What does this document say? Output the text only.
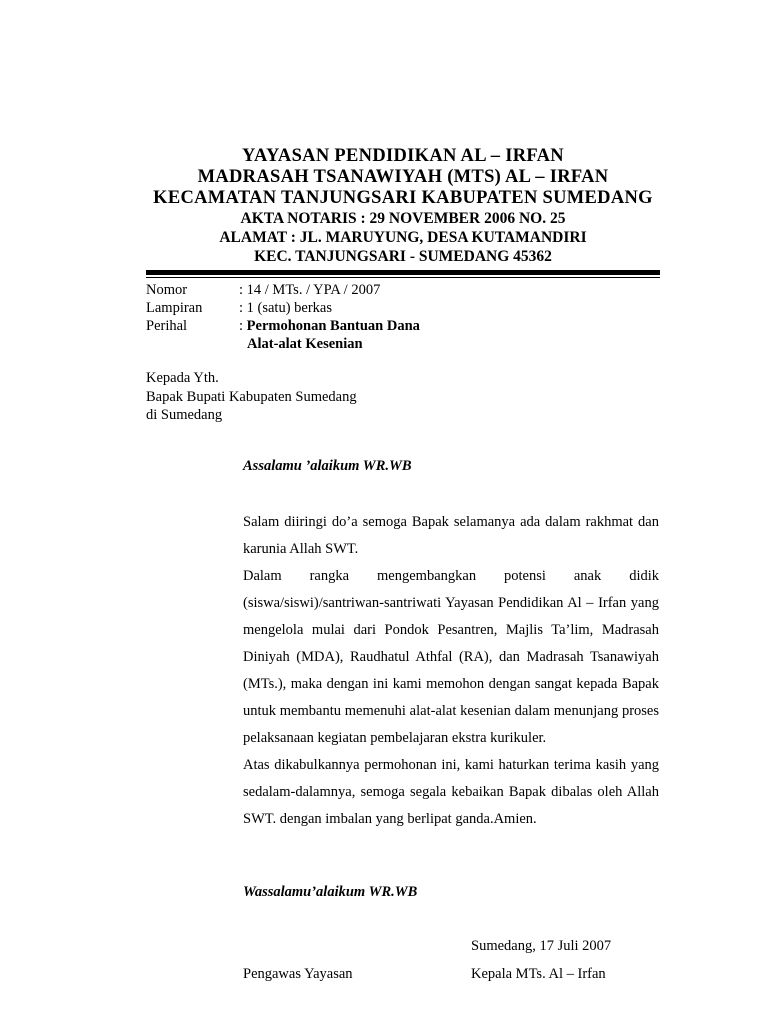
YAYASAN PENDIDIKAN AL – IRFAN
MADRASAH TSANAWIYAH (MTS) AL – IRFAN
KECAMATAN TANJUNGSARI KABUPATEN SUMEDANG
AKTA NOTARIS : 29 NOVEMBER 2006 NO. 25
ALAMAT : JL. MARUYUNG, DESA KUTAMANDIRI
KEC. TANJUNGSARI - SUMEDANG 45362
Nomor	: 14 / MTs. / YPA / 2007
Lampiran	: 1 (satu) berkas
Perihal	: Permohonan Bantuan Dana
Alat-alat Kesenian
Kepada Yth.
Bapak Bupati Kabupaten Sumedang
di Sumedang
Assalamu ’alaikum WR.WB

Salam diiringi do’a semoga Bapak selamanya ada dalam rakhmat dan karunia Allah SWT.

Dalam rangka mengembangkan potensi anak didik (siswa/siswi)/santriwan-santriwati Yayasan Pendidikan Al – Irfan yang mengelola mulai dari Pondok Pesantren, Majlis Ta’lim, Madrasah Diniyah (MDA), Raudhatul Athfal (RA), dan Madrasah Tsanawiyah (MTs.), maka dengan ini kami memohon dengan sangat kepada Bapak untuk membantu memenuhi alat-alat kesenian dalam menunjang proses pelaksanaan kegiatan pembelajaran ekstra kurikuler.

Atas dikabulkannya permohonan ini, kami haturkan terima kasih yang sedalam-dalamnya, semoga segala kebaikan Bapak dibalas oleh Allah SWT. dengan imbalan yang berlipat ganda.Amien.

Wassalamu’alaikum WR.WB
Sumedang, 17 Juli 2007
Pengawas Yayasan	Kepala MTs. Al – Irfan
